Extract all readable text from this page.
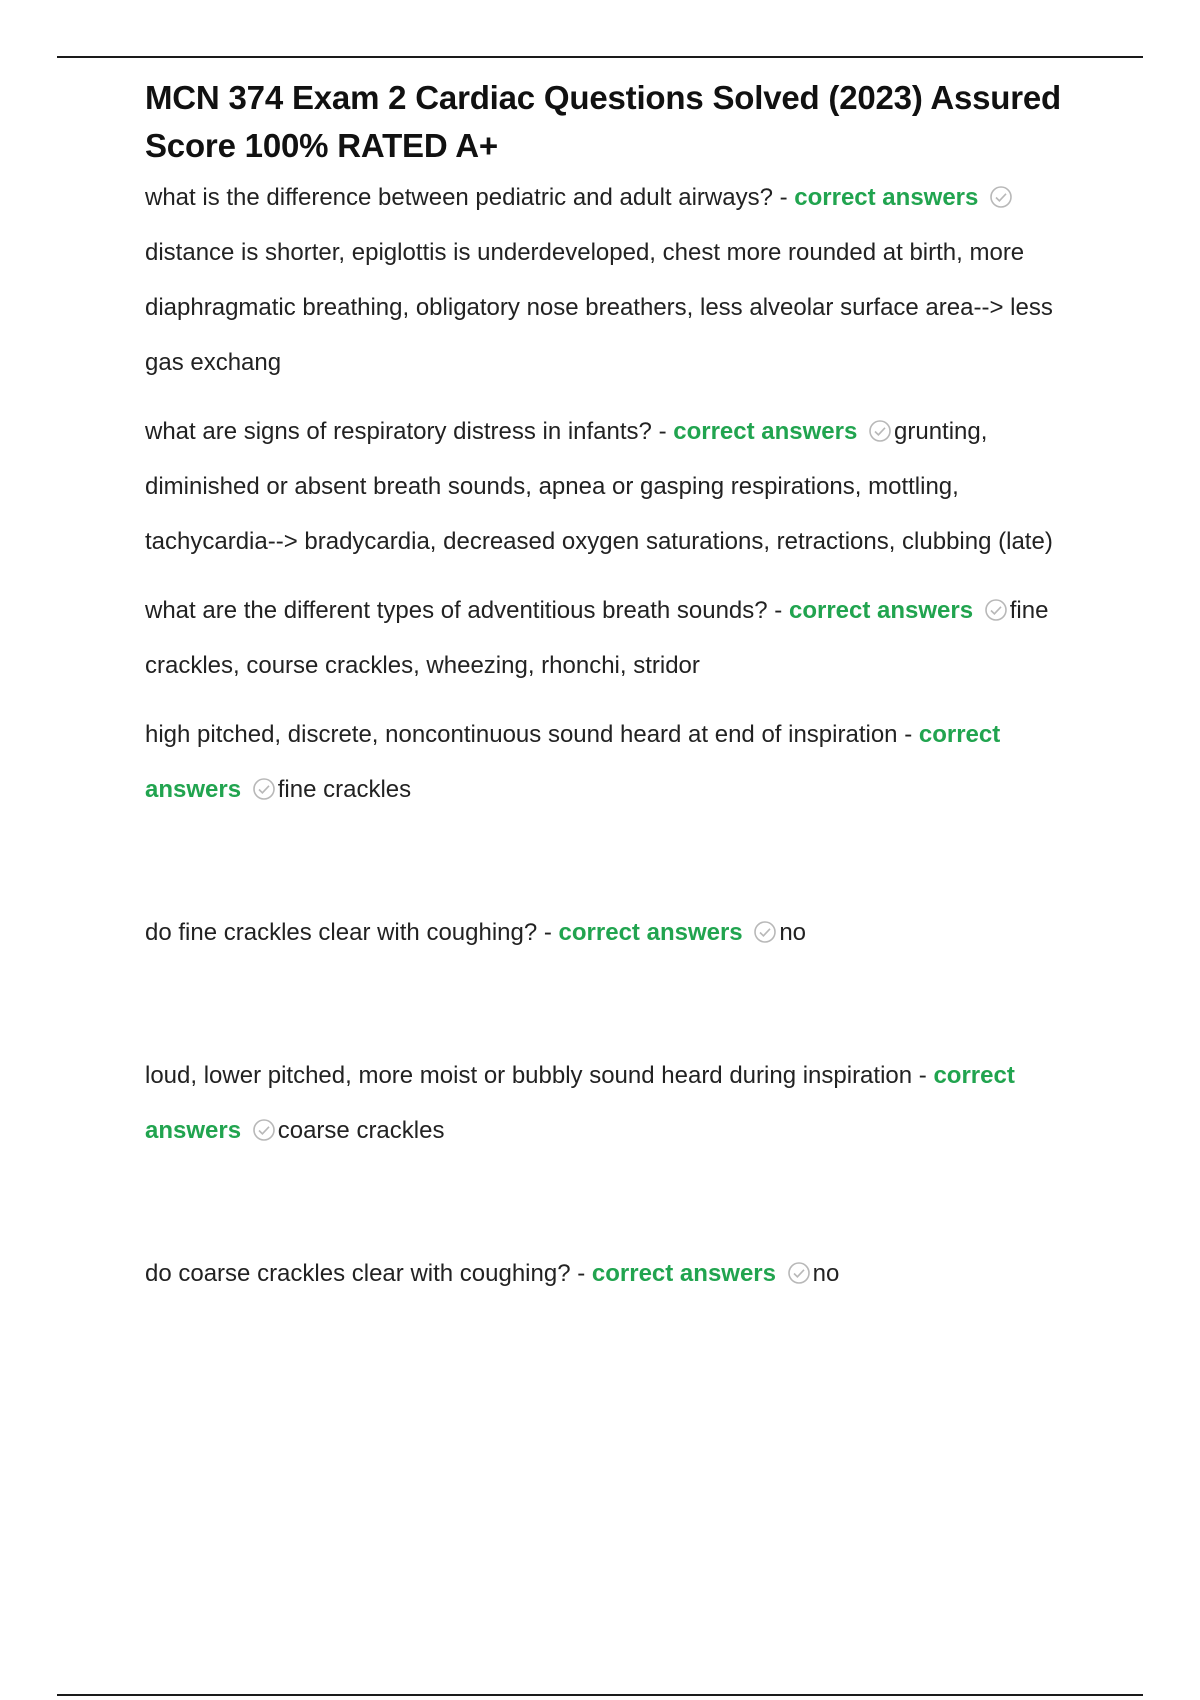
MCN 374 Exam 2 Cardiac Questions Solved (2023) Assured Score 100% RATED A+

what is the difference between pediatric and adult airways? - correct answers distance is shorter, epiglottis is underdeveloped, chest more rounded at birth, more diaphragmatic breathing, obligatory nose breathers, less alveolar surface area--> less gas exchang

what are signs of respiratory distress in infants? - correct answers grunting, diminished or absent breath sounds, apnea or gasping respirations, mottling, tachycardia--> bradycardia, decreased oxygen saturations, retractions, clubbing (late)

what are the different types of adventitious breath sounds? - correct answers fine crackles, course crackles, wheezing, rhonchi, stridor

high pitched, discrete, noncontinuous sound heard at end of inspiration - correct answers fine crackles

do fine crackles clear with coughing? - correct answers no

loud, lower pitched, more moist or bubbly sound heard during inspiration - correct answers coarse crackles

do coarse crackles clear with coughing? - correct answers no
